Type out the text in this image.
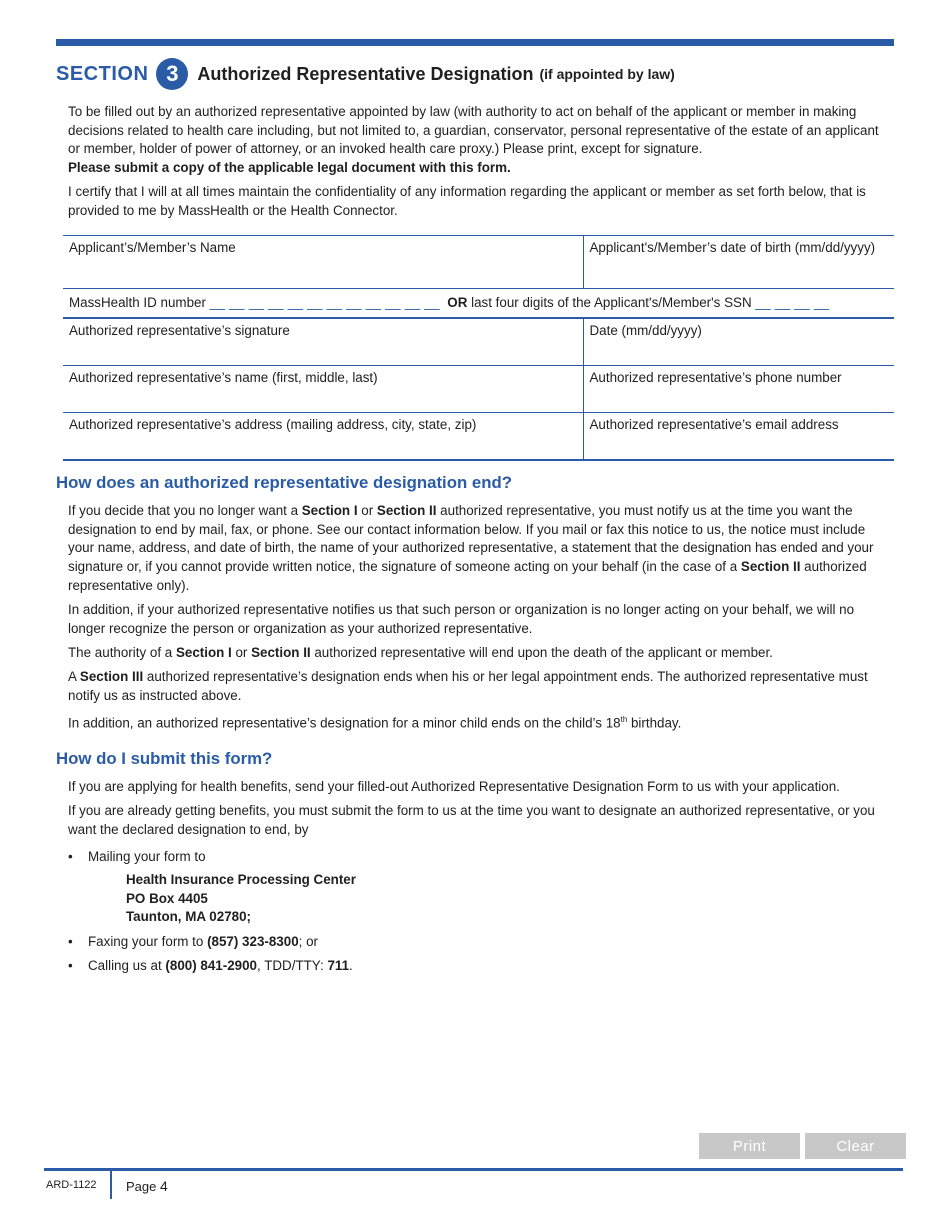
SECTION 3	Authorized Representative Designation (if appointed by law)

To be filled out by an authorized representative appointed by law (with authority to act on behalf of the applicant or member in making decisions related to health care including, but not limited to, a guardian, conservator, personal representative of the estate of an applicant or member, holder of power of attorney, or an invoked health care proxy.) Please print, except for signature.
Please submit a copy of the applicable legal document with this form.

I certify that I will at all times maintain the confidentiality of any information regarding the applicant or member as set forth below, that is provided to me by MassHealth or the Health Connector.

Applicant’s/Member’s Name	Applicant's/Member’s date of birth (mm/dd/yyyy)
MassHealth ID number __ __ __ __ __ __ __ __ __ __ __ __ OR last four digits of the Applicant's/Member's SSN __ __ __ __	
Authorized representative’s signature	Date (mm/dd/yyyy)
Authorized representative’s name (first, middle, last)	Authorized representative’s phone number
Authorized representative’s address (mailing address, city, state, zip)	Authorized representative’s email address
How does an authorized representative designation end?

If you decide that you no longer want a Section I or Section II authorized representative, you must notify us at the time you want the designation to end by mail, fax, or phone. See our contact information below. If you mail or fax this notice to us, the notice must include your name, address, and date of birth, the name of your authorized representative, a statement that the designation has ended and your signature or, if you cannot provide written notice, the signature of someone acting on your behalf (in the case of a Section II authorized representative only).

In addition, if your authorized representative notifies us that such person or organization is no longer acting on your behalf, we will no longer recognize the person or organization as your authorized representative.

The authority of a Section I or Section II authorized representative will end upon the death of the applicant or member.

A Section III authorized representative’s designation ends when his or her legal appointment ends. The authorized representative must notify us as instructed above.

In addition, an authorized representative’s designation for a minor child ends on the child’s 18th birthday.

How do I submit this form?

If you are applying for health benefits, send your filled-out Authorized Representative Designation Form to us with your application.

If you are already getting benefits, you must submit the form to us at the time you want to designate an authorized representative, or you want the declared designation to end, by

• Mailing your form to
Health Insurance Processing Center
PO Box 4405
Taunton, MA 02780;
• Faxing your form to (857) 323-8300; or
• Calling us at (800) 841-2900, TDD/TTY: 711.
Print	Clear
ARD-1122 Page 4
